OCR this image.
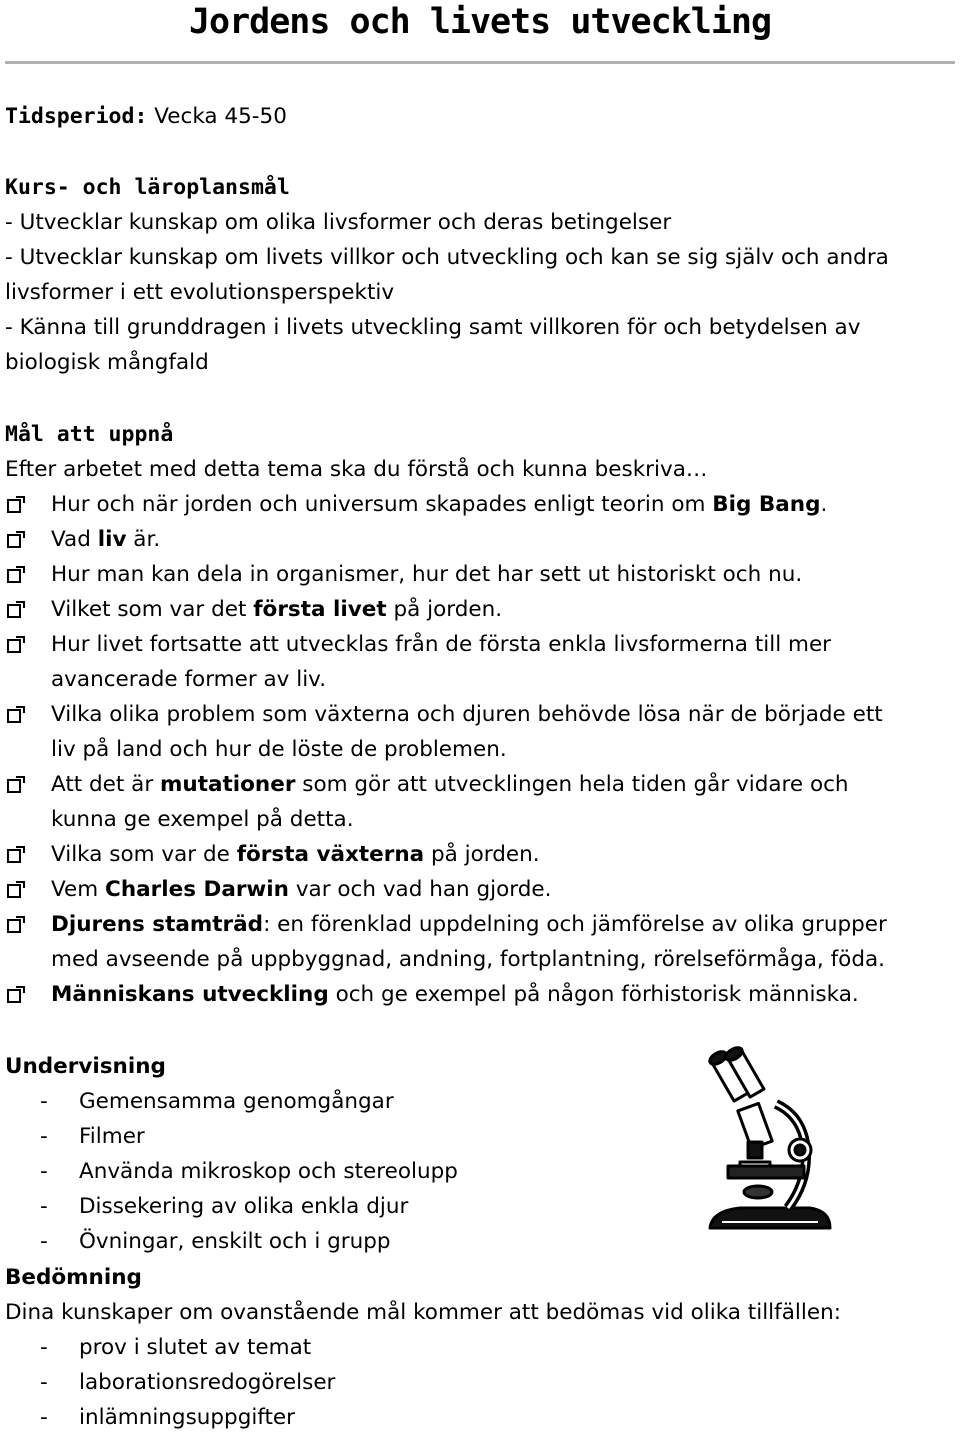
Jordens och livets utveckling
Tidsperiod: Vecka 45-50
Kurs- och läroplansmål
- Utvecklar kunskap om olika livsformer och deras betingelser
- Utvecklar kunskap om livets villkor och utveckling och kan se sig själv och andra
livsformer i ett evolutionsperspektiv
- Känna till grunddragen i livets utveckling samt villkoren för och betydelsen av
biologisk mångfald
Mål att uppnå
Efter arbetet med detta tema ska du förstå och kunna beskriva…
Hur och när jorden och universum skapades enligt teorin om Big Bang.
Vad liv är.
Hur man kan dela in organismer, hur det har sett ut historiskt och nu.
Vilket som var det första livet på jorden.
Hur livet fortsatte att utvecklas från de första enkla livsformerna till mer
avancerade former av liv.
Vilka olika problem som växterna och djuren behövde lösa när de började ett
liv på land och hur de löste de problemen.
Att det är mutationer som gör att utvecklingen hela tiden går vidare och
kunna ge exempel på detta.
Vilka som var de första växterna på jorden.
Vem Charles Darwin var och vad han gjorde.
Djurens stamträd: en förenklad uppdelning och jämförelse av olika grupper
med avseende på uppbyggnad, andning, fortplantning, rörelseförmåga, föda.
Människans utveckling och ge exempel på någon förhistorisk människa.
Undervisning
- Gemensamma genomgångar
- Filmer
- Använda mikroskop och stereolupp
- Dissekering av olika enkla djur
- Övningar, enskilt och i grupp
Bedömning
Dina kunskaper om ovanstående mål kommer att bedömas vid olika tillfällen:
- prov i slutet av temat
- laborationsredogörelser
- inlämningsuppgifter
